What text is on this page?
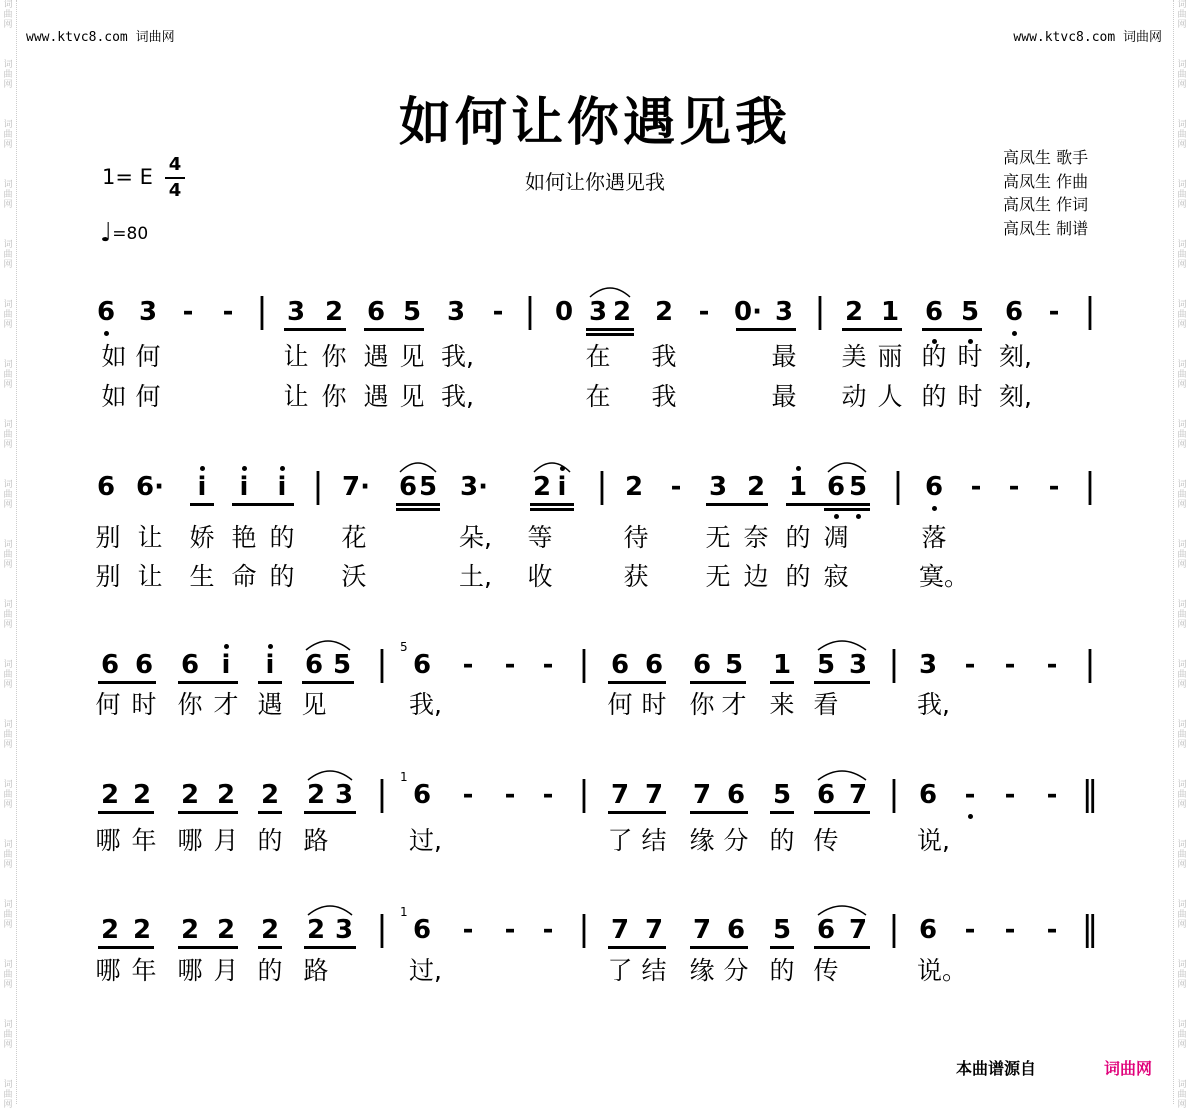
词曲网
词曲网
词曲网
词曲网
词曲网
词曲网
词曲网
词曲网
词曲网
词曲网
词曲网
词曲网
词曲网
词曲网
词曲网
词曲网
词曲网
词曲网
词曲网
词曲网
词曲网
词曲网
词曲网
词曲网
词曲网
词曲网
词曲网
词曲网
词曲网
词曲网
词曲网
词曲网
词曲网
词曲网
词曲网
词曲网
词曲网
词曲网
www.ktvc8.com 词曲网	www.ktvc8.com 词曲网
如何让你遇见我
如何让你遇见我
1= E
4
4
♩=80
高凤生 歌手
高凤生 作曲
高凤生 作词
高凤生 制谱
6 3 -	- | 3 2 6 5 3	- | 0 3 2 2 - 0· 3 | 2 1 6 5 6 - |
6 6·	i	i	i | 7· 6 5 3· 2 i | 2	-	3 2 1 6 5 | 6	-	-	- |
6 6 6 i	i	6 5 | 6	-	-	- | 6 6 6 5 1 5 3 | 3	-	-	- |
2 2 2 2 2 2 3 | 6	-	-	- | 7 7 7 6 5 6 7 | 6	-	-	- ‖
2 2 2 2 2 2 3 | 6	-	-	- | 7 7 7 6 5 6 7 | 6	-	-	- ‖
5
1
1
如 何	让 你 遇 见 我,	在 我	最 美 丽 的 时 刻,
如 何	让 你 遇 见 我,	在 我	最 动 人 的 时 刻,
别 让 娇 艳 的 花	朵,	等	待 无 奈 的 凋	落
别 让 生 命 的 沃	土,	收	获 无 边 的 寂	寞。
何 时 你 才 遇 见	我,	何 时 你 才 来 看	我,
哪 年 哪 月 的 路	过,	了 结 缘 分 的 传	说,
哪 年 哪 月 的 路	过,	了 结 缘 分 的 传	说。
本曲谱源自	词曲网
